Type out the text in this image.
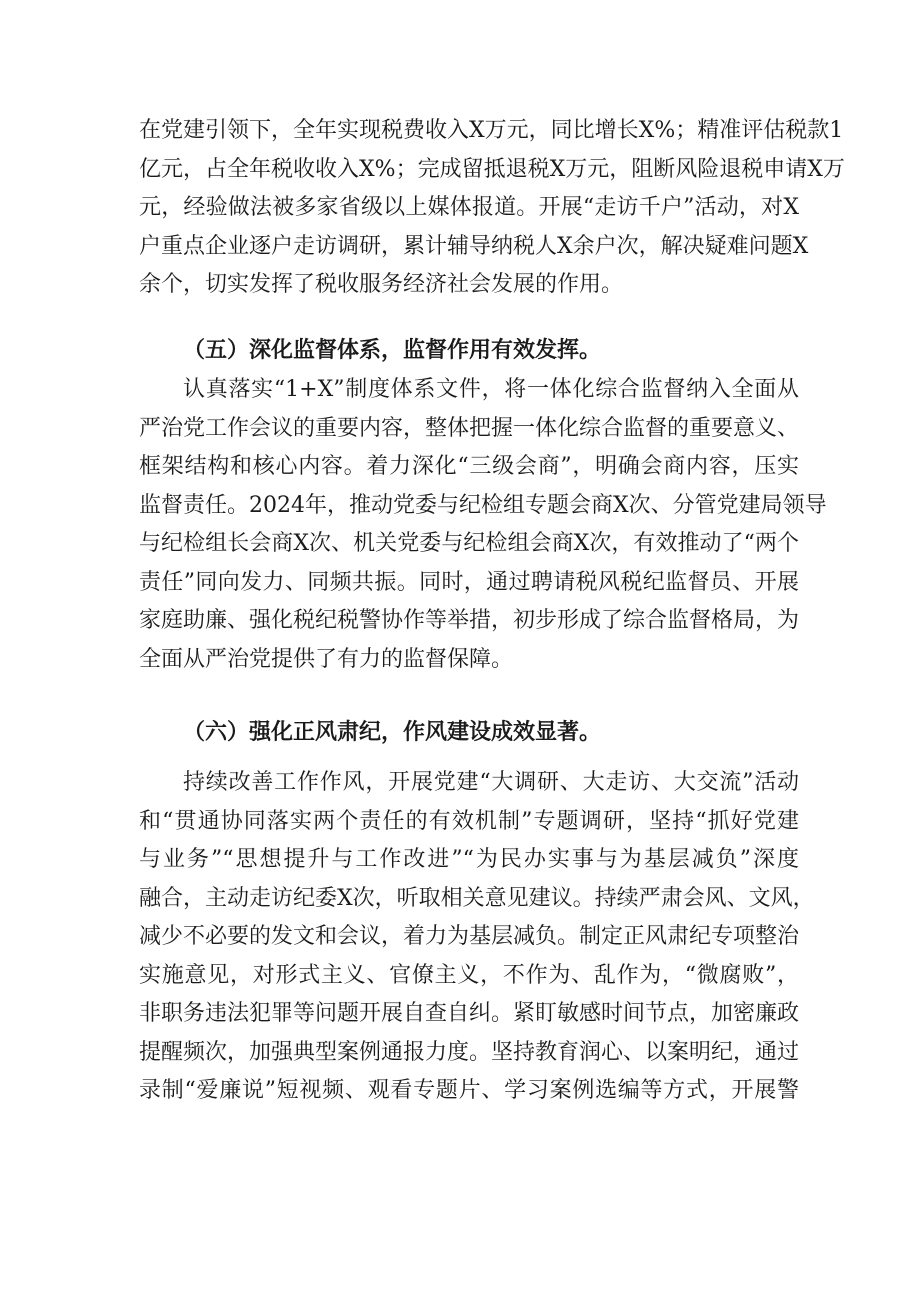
在党建引领下，全年实现税费收入X万元，同比增长X%；精准评估税款1
亿元，占全年税收收入X%；完成留抵退税X万元，阻断风险退税申请X万
元，经验做法被多家省级以上媒体报道。开展“走访千户”活动，对X
户重点企业逐户走访调研，累计辅导纳税人X余户次，解决疑难问题X
余个，切实发挥了税收服务经济社会发展的作用。
（五）深化监督体系，监督作用有效发挥。
认真落实“1+X”制度体系文件，将一体化综合监督纳入全面从
严治党工作会议的重要内容，整体把握一体化综合监督的重要意义、
框架结构和核心内容。着力深化“三级会商”，明确会商内容，压实
监督责任。2024年，推动党委与纪检组专题会商X次、分管党建局领导
与纪检组长会商X次、机关党委与纪检组会商X次，有效推动了“两个
责任”同向发力、同频共振。同时，通过聘请税风税纪监督员、开展
家庭助廉、强化税纪税警协作等举措，初步形成了综合监督格局，为
全面从严治党提供了有力的监督保障。
（六）强化正风肃纪，作风建设成效显著。
持续改善工作作风，开展党建“大调研、大走访、大交流”活动
和“贯通协同落实两个责任的有效机制”专题调研，坚持“抓好党建
与业务”“思想提升与工作改进”“为民办实事与为基层减负”深度
融合，主动走访纪委X次，听取相关意见建议。持续严肃会风、文风，
减少不必要的发文和会议，着力为基层减负。制定正风肃纪专项整治
实施意见，对形式主义、官僚主义，不作为、乱作为，“微腐败”，
非职务违法犯罪等问题开展自查自纠。紧盯敏感时间节点，加密廉政
提醒频次，加强典型案例通报力度。坚持教育润心、以案明纪，通过
录制“爱廉说”短视频、观看专题片、学习案例选编等方式，开展警
